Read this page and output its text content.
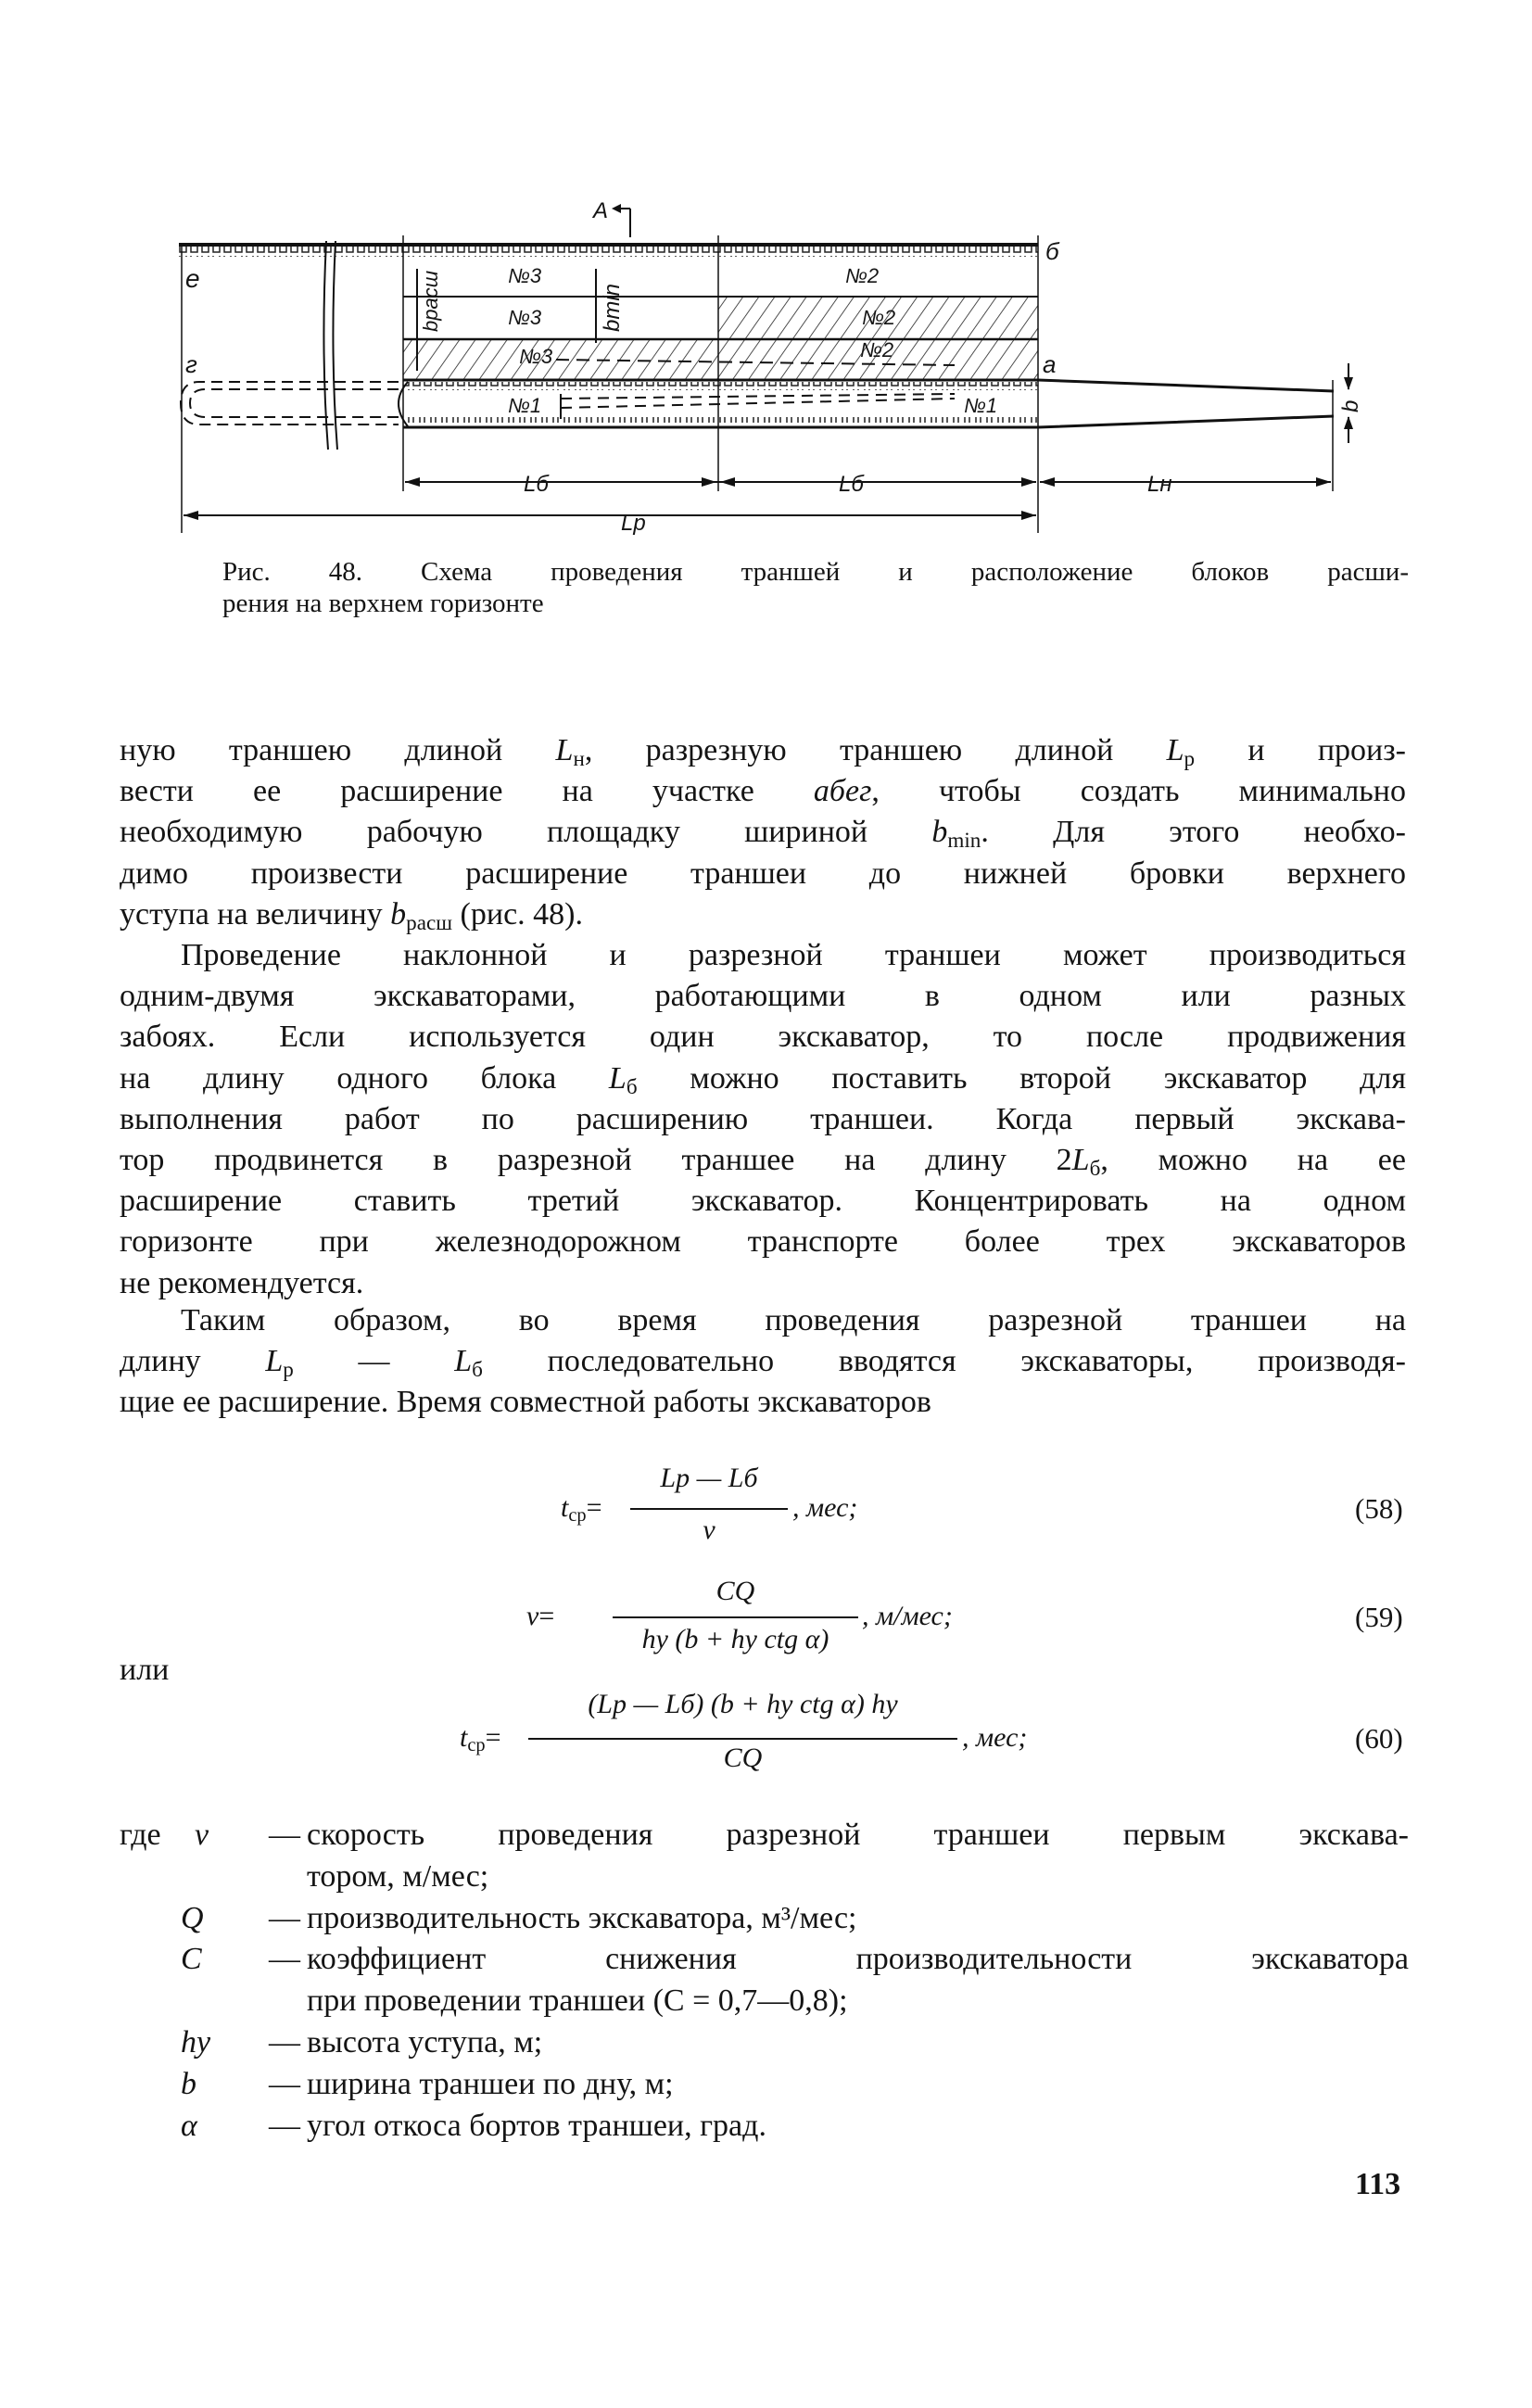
А
б
е
г	а
bрасш	bmin
b
№3
№3
№3
№2
№2
№2
№1	№1
Lб	Lб	Lн
Lр
Рис. 48. Схема проведения траншей и расположение блоков расши-
рения на верхнем горизонте
ную траншею длиной $L_н$, разрезную траншею длиной $L_р$ и произ-
вести ее расширение на участке абег, чтобы создать минимально
необходимую рабочую площадку шириной $b_{min}$. Для этого необхо-
димо произвести расширение траншеи до нижней бровки верхнего
уступа на величину $b_{расш}$ (рис. 48).
Проведение наклонной и разрезной траншеи может производиться
одним-двумя экскаваторами, работающими в одном или разных
забоях. Если используется один экскаватор, то после продвижения
на длину одного блока $L_б$ можно поставить второй экскаватор для
выполнения работ по расширению траншеи. Когда первый экскава-
тор продвинется в разрезной траншее на длину $2L_б$, можно на ее
расширение ставить третий экскаватор. Концентрировать на одном
горизонте при железнодорожном транспорте более трех экскаваторов
не рекомендуется.
Таким образом, во время проведения разрезной траншеи на
длину $L_р$ — $L_б$ последовательно вводятся экскаваторы, производя-
щие ее расширение. Время совместной работы экскаваторов
$t_{ср}=$
Lр — Lб
v
, мес;	(58)
v=
CQ
hу (b + hу ctg α)
, м/мес;	(59)
или
$t_{ср}=$
(Lр — Lб) (b + hу ctg α) hу
CQ
, мес;	(60)
где v — скорость проведения разрезной траншеи первым экскава-
тором, м/мес;
Q — производительность экскаватора, м³/мес;
C — коэффициент снижения производительности экскаватора
при проведении траншеи (C = 0,7—0,8);
hу — высота уступа, м;
b — ширина траншеи по дну, м;
α — угол откоса бортов траншеи, град.
113
